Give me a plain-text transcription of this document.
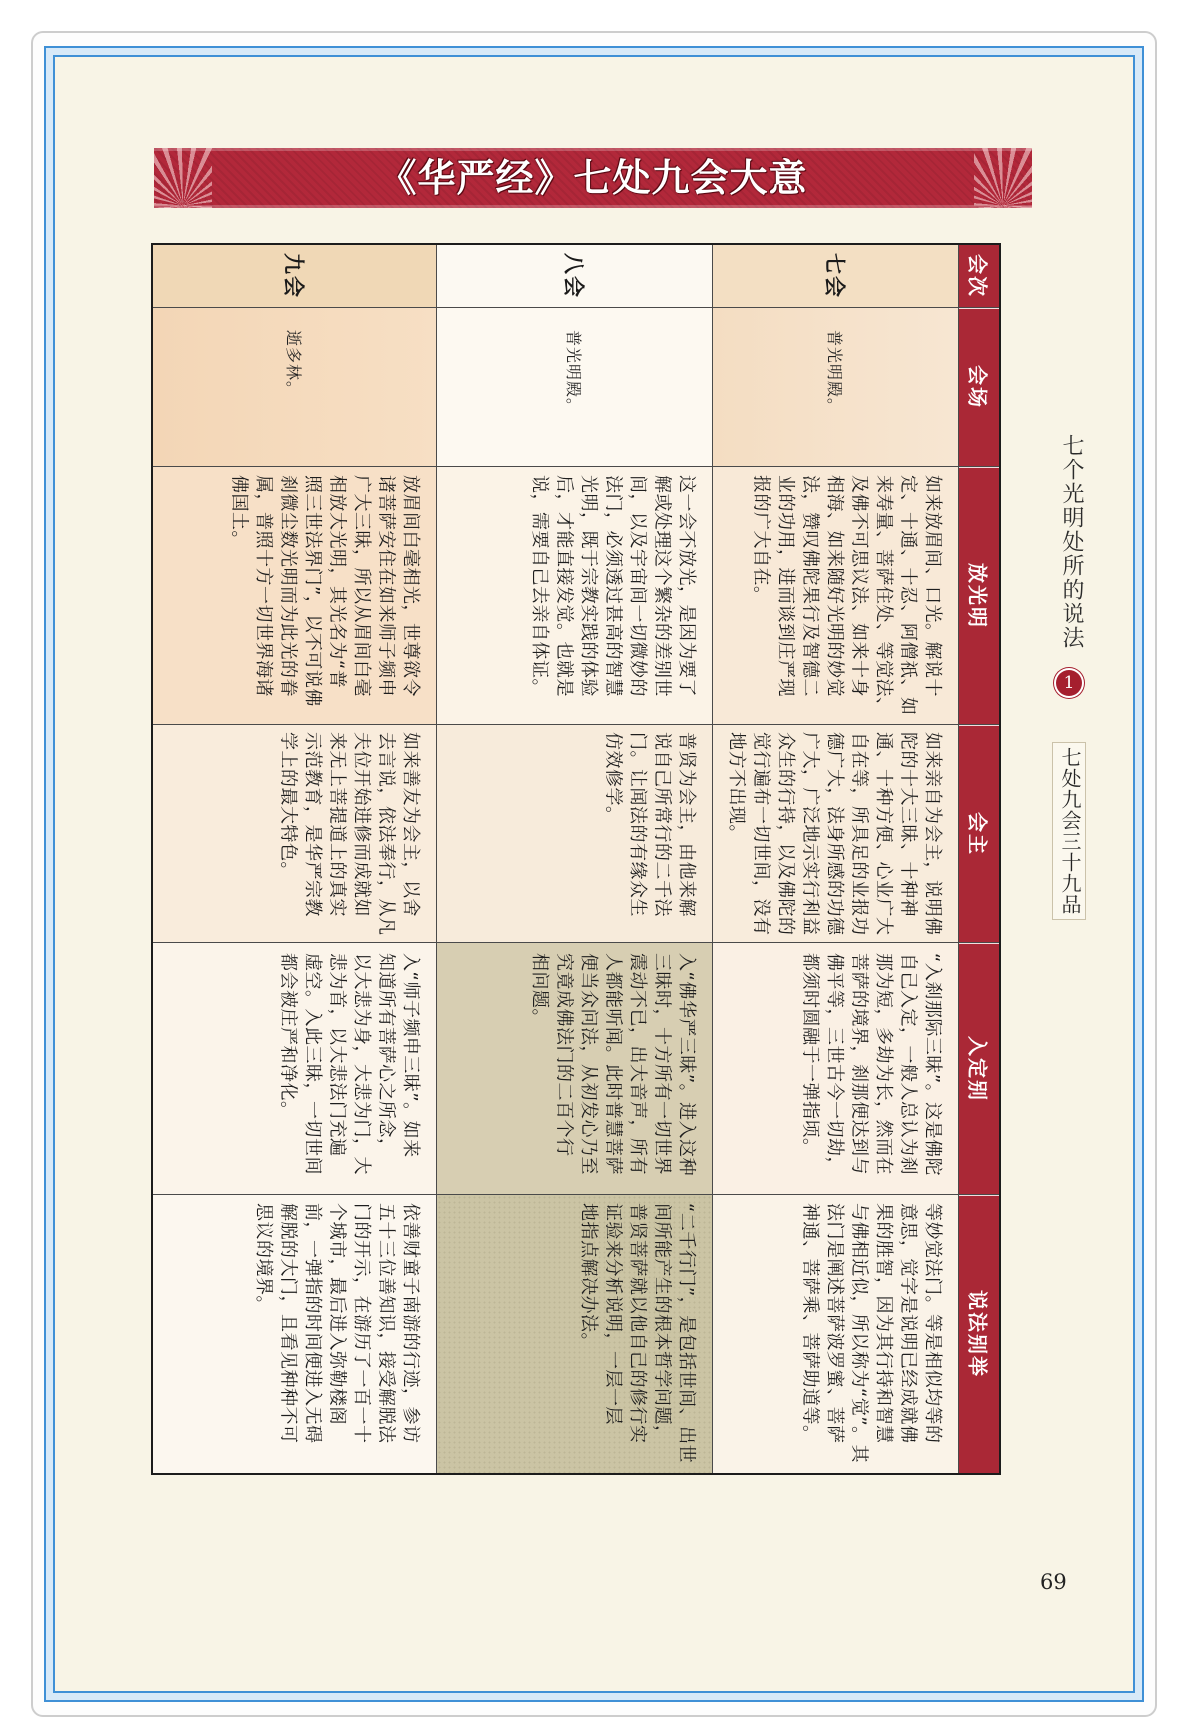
《华严经》七处九会大意
会次
会场
放光明
会主
入定别
说法别举
七会
普光明殿。
如来放眉间、口光。解说十
定、十通、十忍、阿僧祇、如
来寿量、菩萨住处、等觉法、
及佛不可思议法、如来十身
相海、如来随好光明的妙觉
法，赞叹佛陀果行及智德二
业的功用，进而谈到庄严现
报的广大自在。
如来亲自为会主，说明佛
陀的十大三昧、十种神
通、十种方便、心业广大
自在等，所具足的业报功
德广大，法身所感的功德
广大，广泛地示实行利益
众生的行持，以及佛陀的
觉行遍布一切世间，没有
地方不出现。
“入刹那际三昧”。这是佛陀
自己入定，一般人总认为刹
那为短，多劫为长，然而在
菩萨的境界，刹那便达到与
佛平等，三世古今一切劫，
都须时圆融于一弹指顷。
等妙觉法门。等是相似均等的
意思，觉字是说明已经成就佛
果的胜智，因为其行持和智慧
与佛相近似，所以称为“觉”。其
法门是阐述菩萨波罗蜜、菩萨
神通、菩萨乘、菩萨助道等。
八会
普光明殿。
这一会不放光，是因为要了
解或处理这个繁杂的差别世
间，以及宇宙间一切微妙的
法门，必须透过甚高的智慧
光明，既于宗教实践的体验
后，才能直接发觉。也就是
说，需要自己去亲自体证。
普贤为会主，由他来解
说自己所常行的二千法
门。让闻法的有缘众生
仿效修学。
入“佛华严三昧”。进入这种
三昧时，十方所有一切世界
震动不已，出大音声，所有
人都能听闻。此时普慧菩萨
便当众问法，从初发心乃至
究竟成佛法门的二百个行
相问题。
“二千行门”，是包括世间、出世
间所能产生的根本哲学问题，
普贤菩萨就以他自己的修行实
证验来分析说明，一层一层
地指点解决办法。
九会
逝多林。
放眉间白毫相光，世尊欲令
诸菩萨安住在如来师子频申
广大三昧，所以从眉间白毫
相放大光明，其光名为“普
照三世法界门”，以不可说佛
刹微尘数光明而为此光的眷
属，普照十方一切世界海诸
佛国土。
如来善友为会主，以舍
去言说，依法奉行，从凡
夫位开始进修而成就如
来无上菩提道上的真实
示范教育，是华严宗教
学上的最大特色。
入“师子频申三昧”。如来
知道所有菩萨心之所念，
以大悲为身，大悲为门，大
悲为首，以大悲法门充遍
虚空。入此三昧，一切世间
都会被庄严和净化。
依善财童子南游的行迹，参访
五十三位善知识，接受解脱法
门的开示，在游历了一百一十
个城市，最后进入弥勒楼阁
前，一弹指的时间便进入无碍
解脱的大门，且看见种种不可
思议的境界。
七个光明处所的说法
1
七处九会三十九品
69
